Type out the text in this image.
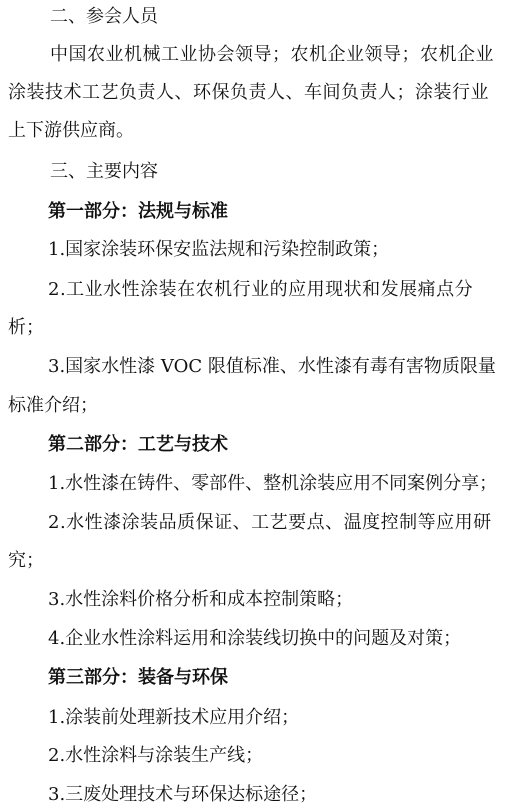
二、参会人员
中国农业机械工业协会领导；农机企业领导；农机企业
涂装技术工艺负责人、环保负责人、车间负责人；涂装行业
上下游供应商。
三、主要内容
第一部分：法规与标准
1.国家涂装环保安监法规和污染控制政策；
2.工业水性涂装在农机行业的应用现状和发展痛点分
析；
3.国家水性漆 VOC 限值标准、水性漆有毒有害物质限量
标准介绍；
第二部分：工艺与技术
1.水性漆在铸件、零部件、整机涂装应用不同案例分享；
2.水性漆涂装品质保证、工艺要点、温度控制等应用研
究；
3.水性涂料价格分析和成本控制策略；
4.企业水性涂料运用和涂装线切换中的问题及对策；
第三部分：装备与环保
1.涂装前处理新技术应用介绍；
2.水性涂料与涂装生产线；
3.三废处理技术与环保达标途径；
